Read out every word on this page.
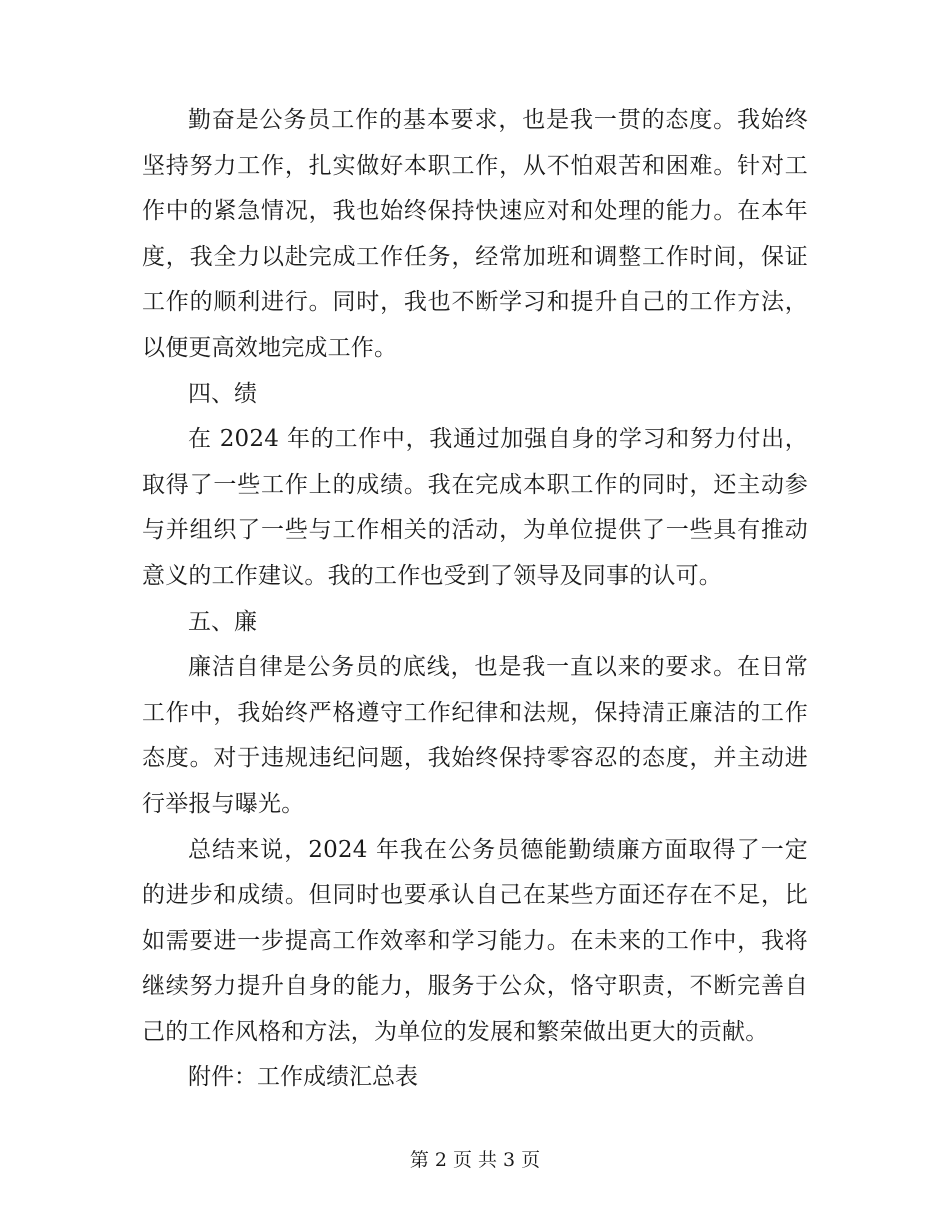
勤奋是公务员工作的基本要求，也是我一贯的态度。我始终坚持努力工作，扎实做好本职工作，从不怕艰苦和困难。针对工作中的紧急情况，我也始终保持快速应对和处理的能力。在本年度，我全力以赴完成工作任务，经常加班和调整工作时间，保证工作的顺利进行。同时，我也不断学习和提升自己的工作方法，以便更高效地完成工作。

四、绩

在 2024 年的工作中，我通过加强自身的学习和努力付出，取得了一些工作上的成绩。我在完成本职工作的同时，还主动参与并组织了一些与工作相关的活动，为单位提供了一些具有推动意义的工作建议。我的工作也受到了领导及同事的认可。

五、廉

廉洁自律是公务员的底线，也是我一直以来的要求。在日常工作中，我始终严格遵守工作纪律和法规，保持清正廉洁的工作态度。对于违规违纪问题，我始终保持零容忍的态度，并主动进行举报与曝光。

总结来说，2024 年我在公务员德能勤绩廉方面取得了一定的进步和成绩。但同时也要承认自己在某些方面还存在不足，比如需要进一步提高工作效率和学习能力。在未来的工作中，我将继续努力提升自身的能力，服务于公众，恪守职责，不断完善自己的工作风格和方法，为单位的发展和繁荣做出更大的贡献。

附件：工作成绩汇总表

第 2 页 共 3 页
